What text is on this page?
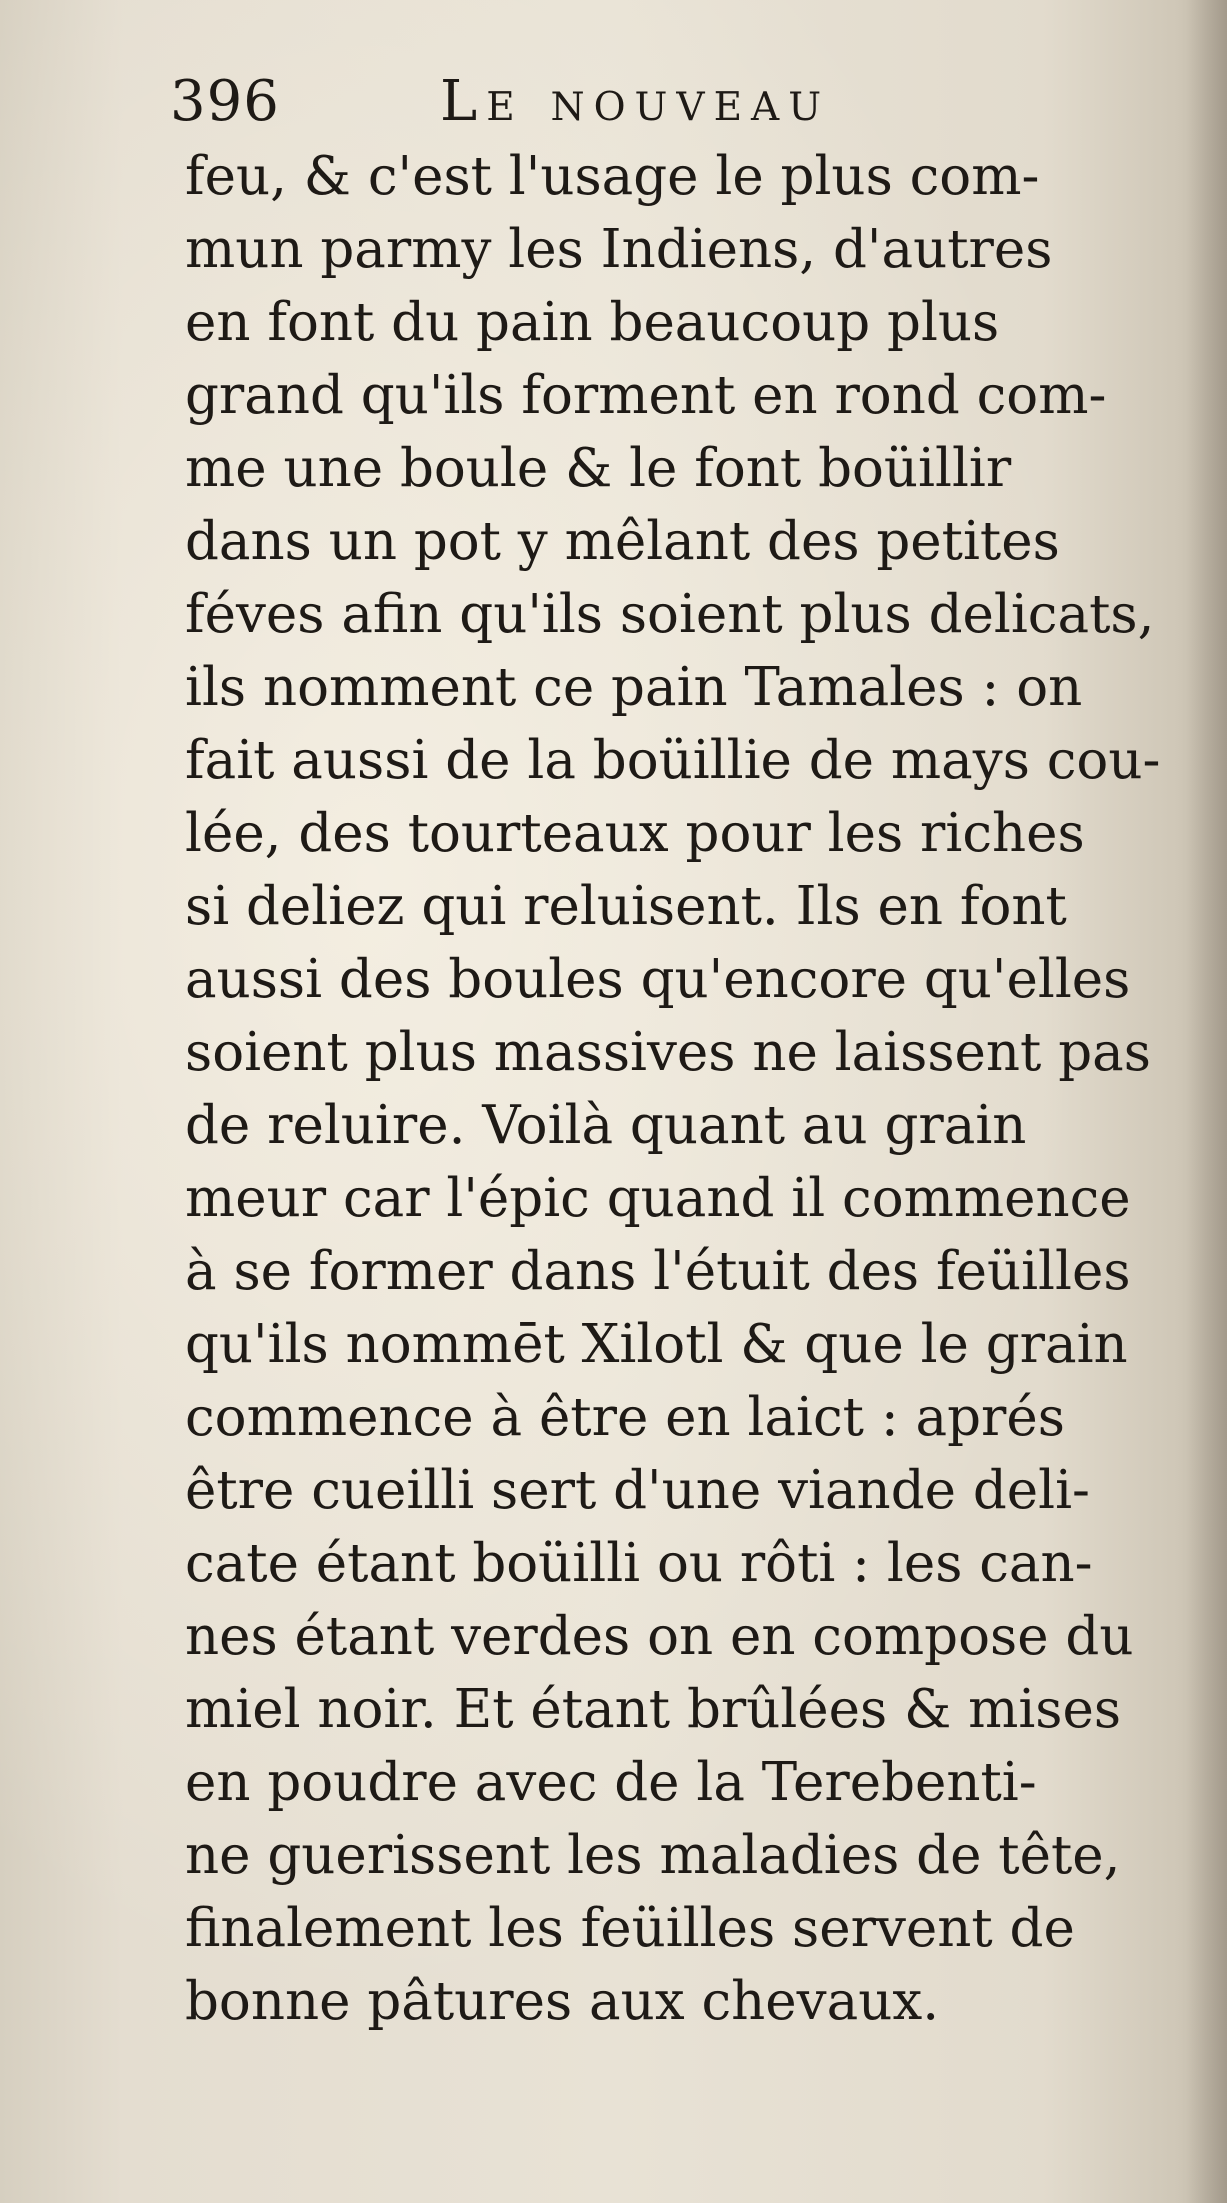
396	Le nouveau
feu, & c'est l'usage le plus com-
mun parmy les Indiens, d'autres
en font du pain beaucoup plus
grand qu'ils forment en rond com-
me une boule & le font boüillir
dans un pot y mêlant des petites
féves afin qu'ils soient plus delicats,
ils nomment ce pain Tamales : on
fait aussi de la boüillie de mays cou-
lée, des tourteaux pour les riches
si deliez qui reluisent. Ils en font
aussi des boules qu'encore qu'elles
soient plus massives ne laissent pas
de reluire. Voilà quant au grain
meur car l'épic quand il commence
à se former dans l'étuit des feüilles
qu'ils nommēt Xilotl & que le grain
commence à être en laict : aprés
être cueilli sert d'une viande deli-
cate étant boüilli ou rôti : les can-
nes étant verdes on en compose du
miel noir. Et étant brûlées & mises
en poudre avec de la Terebenti-
ne guerissent les maladies de tête,
finalement les feüilles servent de
bonne pâtures aux chevaux.
